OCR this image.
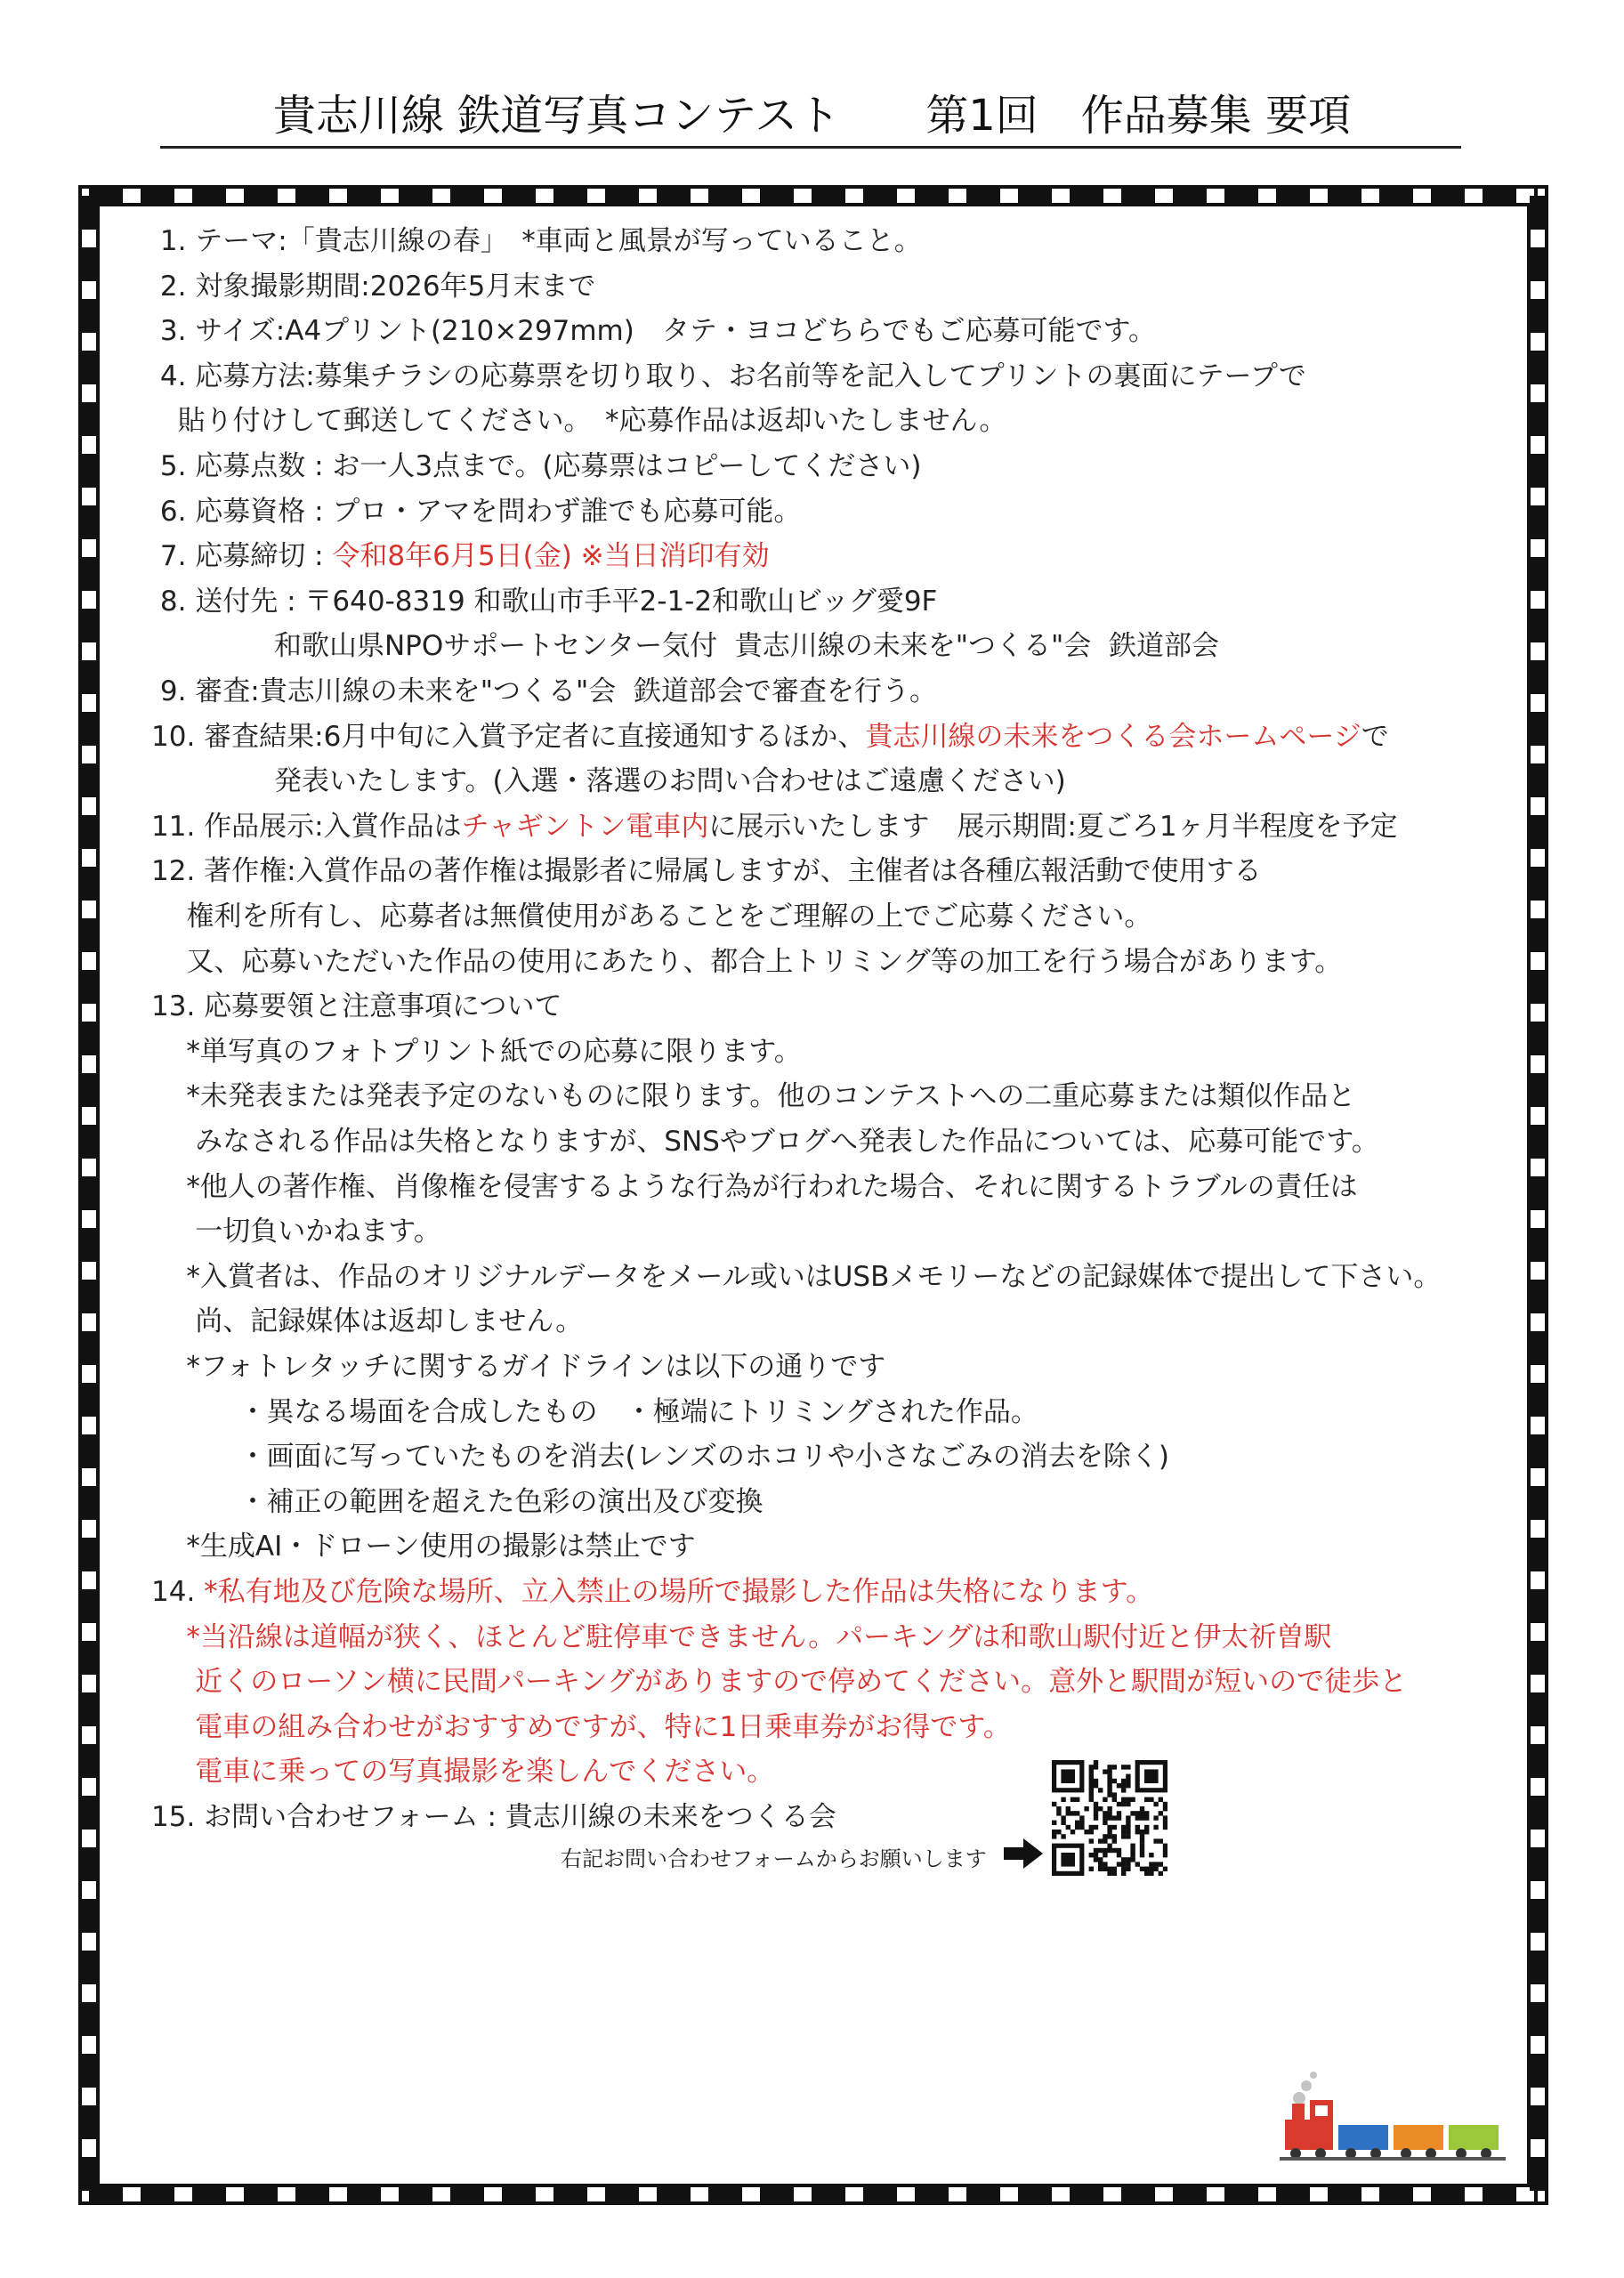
貴志川線 鉄道写真コンテスト　　第1回　作品募集 要項
1. テーマ:「貴志川線の春」　*車両と風景が写っていること。
2. 対象撮影期間:2026年5月末まで
3. サイズ:A4プリント(210×297mm)　タテ・ヨコどちらでもご応募可能です。
4. 応募方法:募集チラシの応募票を切り取り、お名前等を記入してプリントの裏面にテープで
貼り付けして郵送してください。　*応募作品は返却いたしません。
5. 応募点数 : お一人3点まで。(応募票はコピーしてください)
6. 応募資格 : プロ・アマを問わず誰でも応募可能。
7. 応募締切 : 令和8年6月5日(金) ※当日消印有効
8. 送付先 : 〒640-8319 和歌山市手平2-1-2和歌山ビッグ愛9F
和歌山県NPOサポートセンター気付  貴志川線の未来を"つくる"会  鉄道部会
9. 審査:貴志川線の未来を"つくる"会  鉄道部会で審査を行う。
10. 審査結果:6月中旬に入賞予定者に直接通知するほか、貴志川線の未来をつくる会ホームページで
発表いたします。(入選・落選のお問い合わせはご遠慮ください)
11. 作品展示:入賞作品はチャギントン電車内に展示いたします　展示期間:夏ごろ1ヶ月半程度を予定
12. 著作権:入賞作品の著作権は撮影者に帰属しますが、主催者は各種広報活動で使用する
権利を所有し、応募者は無償使用があることをご理解の上でご応募ください。
又、応募いただいた作品の使用にあたり、都合上トリミング等の加工を行う場合があります。
13. 応募要領と注意事項について
*単写真のフォトプリント紙での応募に限ります。
*未発表または発表予定のないものに限ります。他のコンテストへの二重応募または類似作品と
みなされる作品は失格となりますが、SNSやブログへ発表した作品については、応募可能です。
*他人の著作権、肖像権を侵害するような行為が行われた場合、それに関するトラブルの責任は
一切負いかねます。
*入賞者は、作品のオリジナルデータをメール或いはUSBメモリーなどの記録媒体で提出して下さい。
尚、記録媒体は返却しません。
*フォトレタッチに関するガイドラインは以下の通りです
・異なる場面を合成したもの　・極端にトリミングされた作品。
・画面に写っていたものを消去(レンズのホコリや小さなごみの消去を除く)
・補正の範囲を超えた色彩の演出及び変換
*生成AI・ドローン使用の撮影は禁止です
14. *私有地及び危険な場所、立入禁止の場所で撮影した作品は失格になります。
*当沿線は道幅が狭く、ほとんど駐停車できません。パーキングは和歌山駅付近と伊太祈曽駅
近くのローソン横に民間パーキングがありますので停めてください。意外と駅間が短いので徒歩と
電車の組み合わせがおすすめですが、特に1日乗車券がお得です。
電車に乗っての写真撮影を楽しんでください。
15. お問い合わせフォーム : 貴志川線の未来をつくる会
右記お問い合わせフォームからお願いします
